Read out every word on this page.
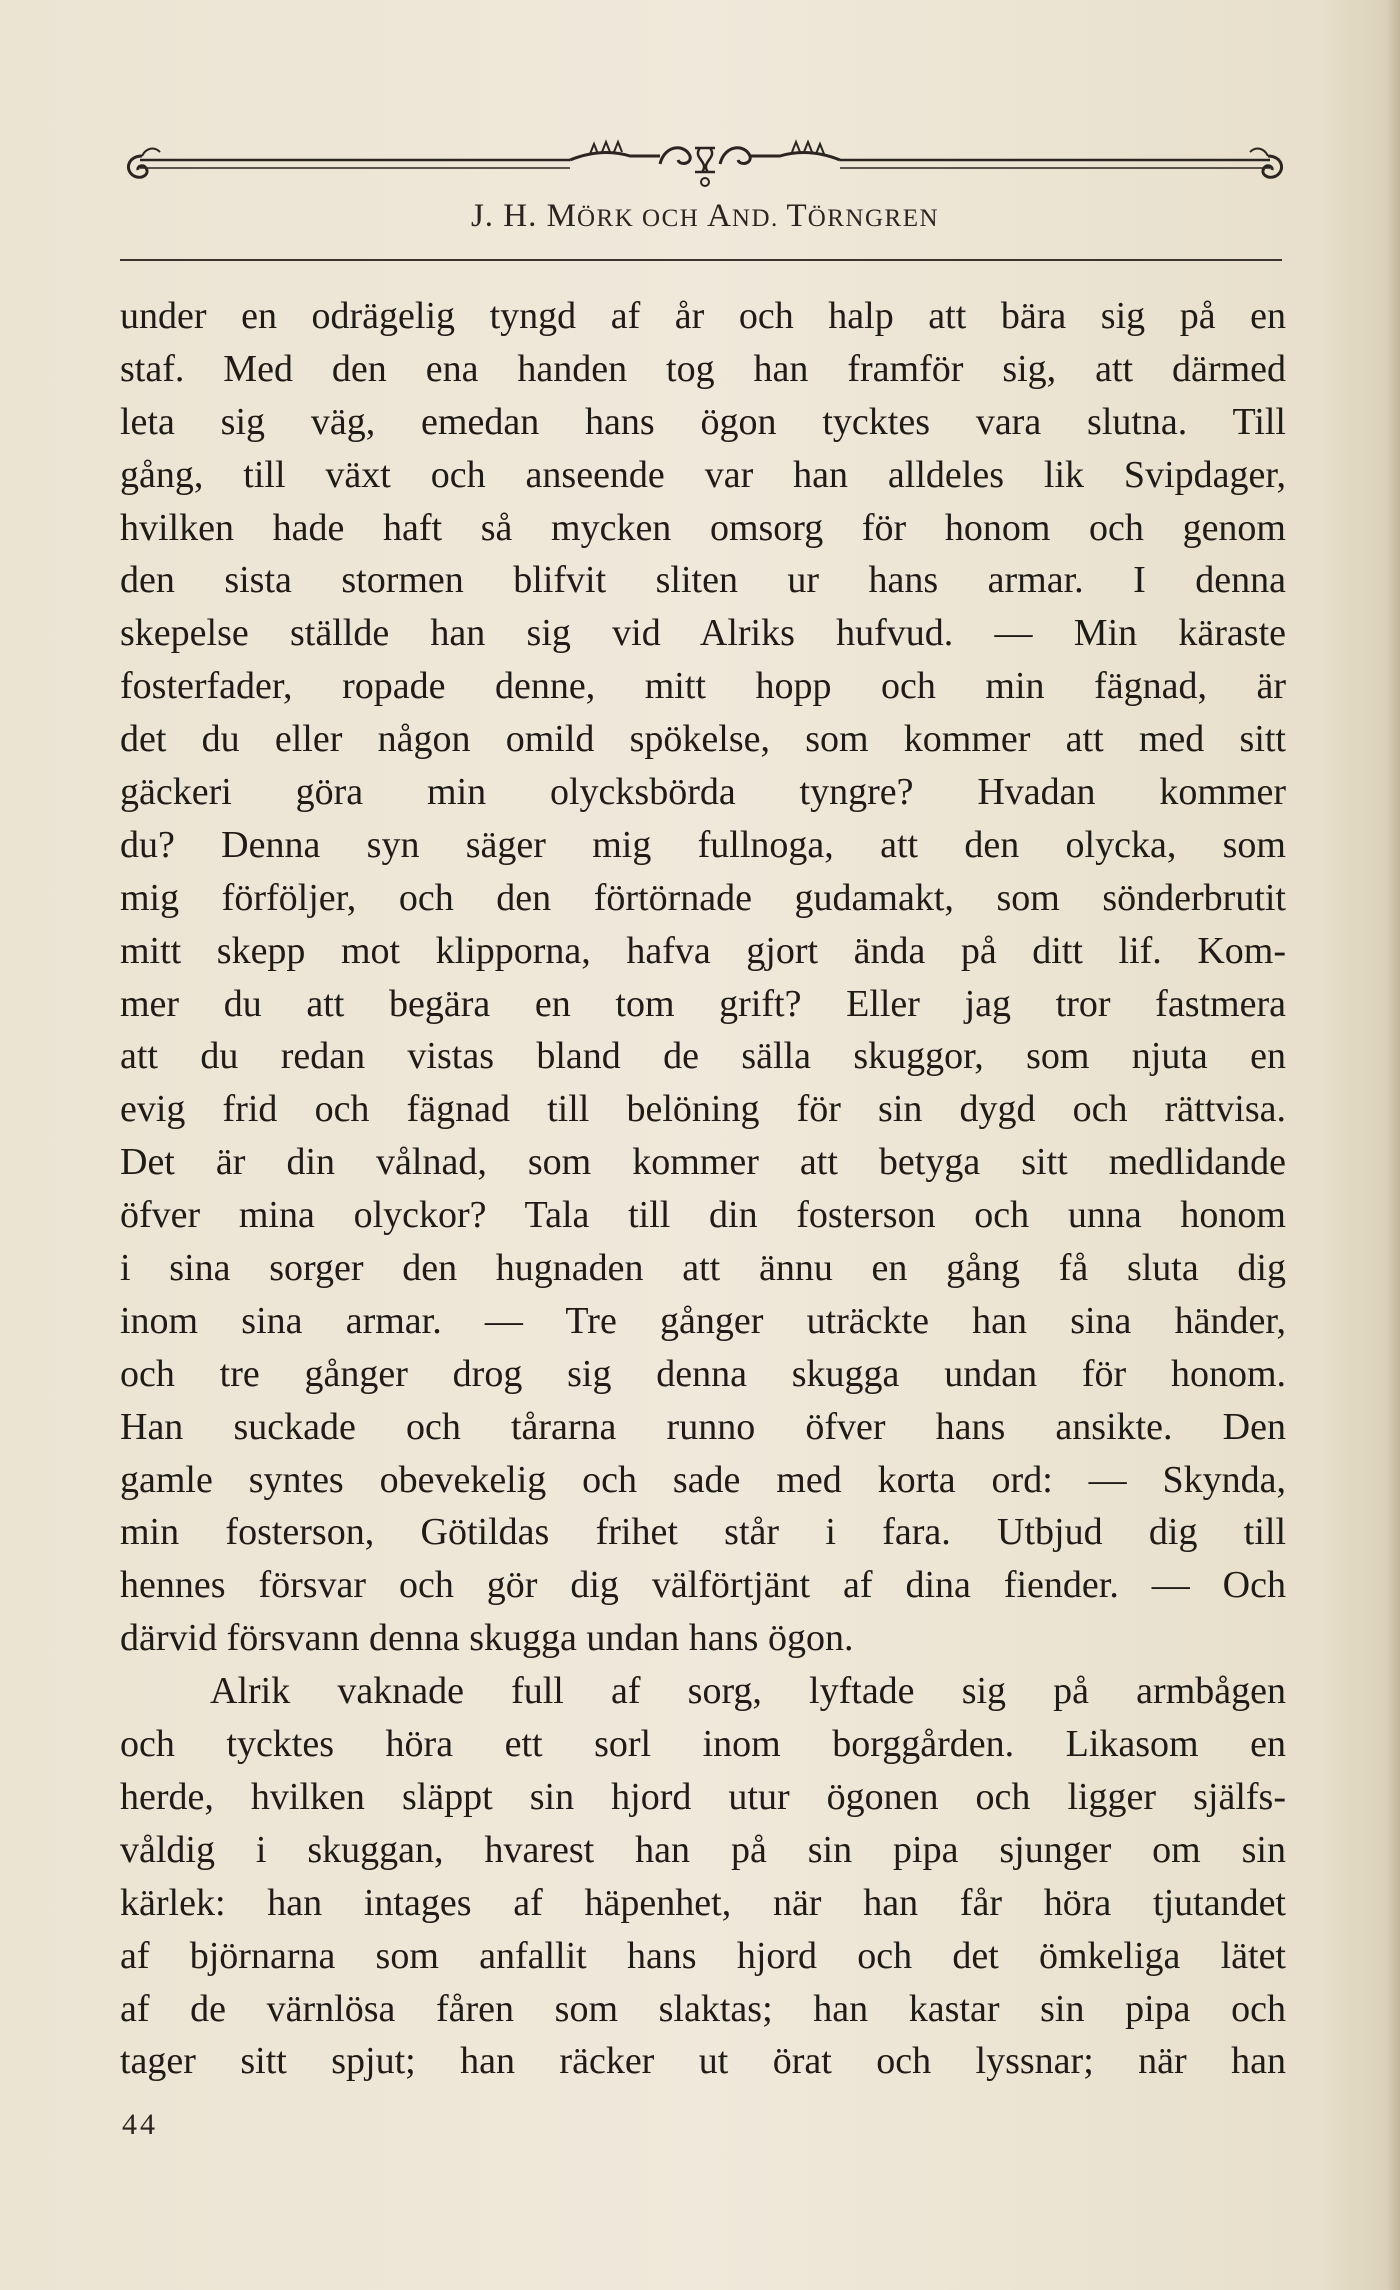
J. H. MÖRK OCH AND. TÖRNGREN
under en odrägelig tyngd af år och halp att bära sig på en
staf. Med den ena handen tog han framför sig, att därmed
leta sig väg, emedan hans ögon tycktes vara slutna. Till
gång, till växt och anseende var han alldeles lik Svipdager,
hvilken hade haft så mycken omsorg för honom och genom
den sista stormen blifvit sliten ur hans armar. I denna
skepelse ställde han sig vid Alriks hufvud. — Min käraste
fosterfader, ropade denne, mitt hopp och min fägnad, är
det du eller någon omild spökelse, som kommer att med sitt
gäckeri göra min olycksbörda tyngre? Hvadan kommer
du? Denna syn säger mig fullnoga, att den olycka, som
mig förföljer, och den förtörnade gudamakt, som sönderbrutit
mitt skepp mot klipporna, hafva gjort ända på ditt lif. Kom-
mer du att begära en tom grift? Eller jag tror fastmera
att du redan vistas bland de sälla skuggor, som njuta en
evig frid och fägnad till belöning för sin dygd och rättvisa.
Det är din vålnad, som kommer att betyga sitt medlidande
öfver mina olyckor? Tala till din fosterson och unna honom
i sina sorger den hugnaden att ännu en gång få sluta dig
inom sina armar. — Tre gånger uträckte han sina händer,
och tre gånger drog sig denna skugga undan för honom.
Han suckade och tårarna runno öfver hans ansikte. Den
gamle syntes obevekelig och sade med korta ord: — Skynda,
min fosterson, Götildas frihet står i fara. Utbjud dig till
hennes försvar och gör dig välförtjänt af dina fiender. — Och
därvid försvann denna skugga undan hans ögon.
Alrik vaknade full af sorg, lyftade sig på armbågen
och tycktes höra ett sorl inom borggården. Likasom en
herde, hvilken släppt sin hjord utur ögonen och ligger själfs-
våldig i skuggan, hvarest han på sin pipa sjunger om sin
kärlek: han intages af häpenhet, när han får höra tjutandet
af björnarna som anfallit hans hjord och det ömkeliga lätet
af de värnlösa fåren som slaktas; han kastar sin pipa och
tager sitt spjut; han räcker ut örat och lyssnar; när han
44
